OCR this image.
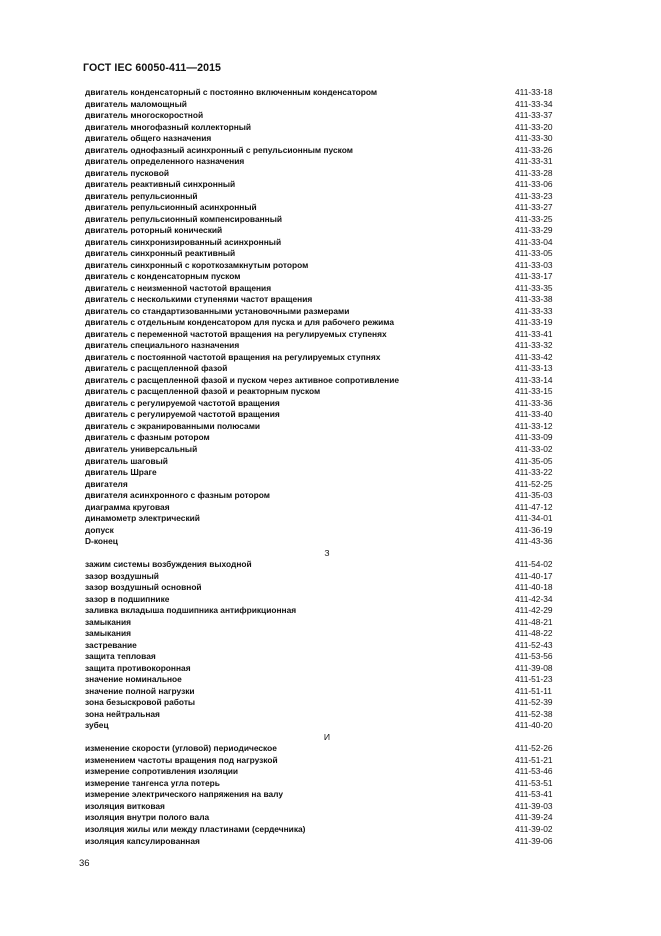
ГОСТ IEC 60050-411—2015
двигатель конденсаторный с постоянно включенным конденсатором	411-33-18
двигатель маломощный	411-33-34
двигатель многоскоростной	411-33-37
двигатель многофазный коллекторный	411-33-20
двигатель общего назначения	411-33-30
двигатель однофазный асинхронный с репульсионным пуском	411-33-26
двигатель определенного назначения	411-33-31
двигатель пусковой	411-33-28
двигатель реактивный синхронный	411-33-06
двигатель репульсионный	411-33-23
двигатель репульсионный асинхронный	411-33-27
двигатель репульсионный компенсированный	411-33-25
двигатель роторный конический	411-33-29
двигатель синхронизированный асинхронный	411-33-04
двигатель синхронный реактивный	411-33-05
двигатель синхронный с короткозамкнутым ротором	411-33-03
двигатель с конденсаторным пуском	411-33-17
двигатель с неизменной частотой вращения	411-33-35
двигатель с несколькими ступенями частот вращения	411-33-38
двигатель со стандартизованными установочными размерами	411-33-33
двигатель с отдельным конденсатором для пуска и для рабочего режима	411-33-19
двигатель с переменной частотой вращения на регулируемых ступенях	411-33-41
двигатель специального назначения	411-33-32
двигатель с постоянной частотой вращения на регулируемых ступнях	411-33-42
двигатель с расщепленной фазой	411-33-13
двигатель с расщепленной фазой и пуском через активное сопротивление	411-33-14
двигатель с расщепленной фазой и реакторным пуском	411-33-15
двигатель с регулируемой частотой вращения	411-33-36
двигатель с регулируемой частотой вращения	411-33-40
двигатель с экранированными полюсами	411-33-12
двигатель с фазным ротором	411-33-09
двигатель универсальный	411-33-02
двигатель шаговый	411-35-05
двигатель Шраге	411-33-22
двигателя	411-52-25
двигателя асинхронного с фазным ротором	411-35-03
диаграмма круговая	411-47-12
динамометр электрический	411-34-01
допуск	411-36-19
D-конец	411-43-36
З
зажим системы возбуждения выходной	411-54-02
зазор воздушный	411-40-17
зазор воздушный основной	411-40-18
зазор в подшипнике	411-42-34
заливка вкладыша подшипника антифрикционная	411-42-29
замыкания	411-48-21
замыкания	411-48-22
застревание	411-52-43
защита тепловая	411-53-56
защита противокоронная	411-39-08
значение номинальное	411-51-23
значение полной нагрузки	411-51-11
зона безыскровой работы	411-52-39
зона нейтральная	411-52-38
зубец	411-40-20
И
изменение скорости (угловой) периодическое	411-52-26
изменением частоты вращения под нагрузкой	411-51-21
измерение сопротивления изоляции	411-53-46
измерение тангенса угла потерь	411-53-51
измерение электрического напряжения на валу	411-53-41
изоляция витковая	411-39-03
изоляция внутри полого вала	411-39-24
изоляция жилы или между пластинами (сердечника)	411-39-02
изоляция капсулированная	411-39-06
36
